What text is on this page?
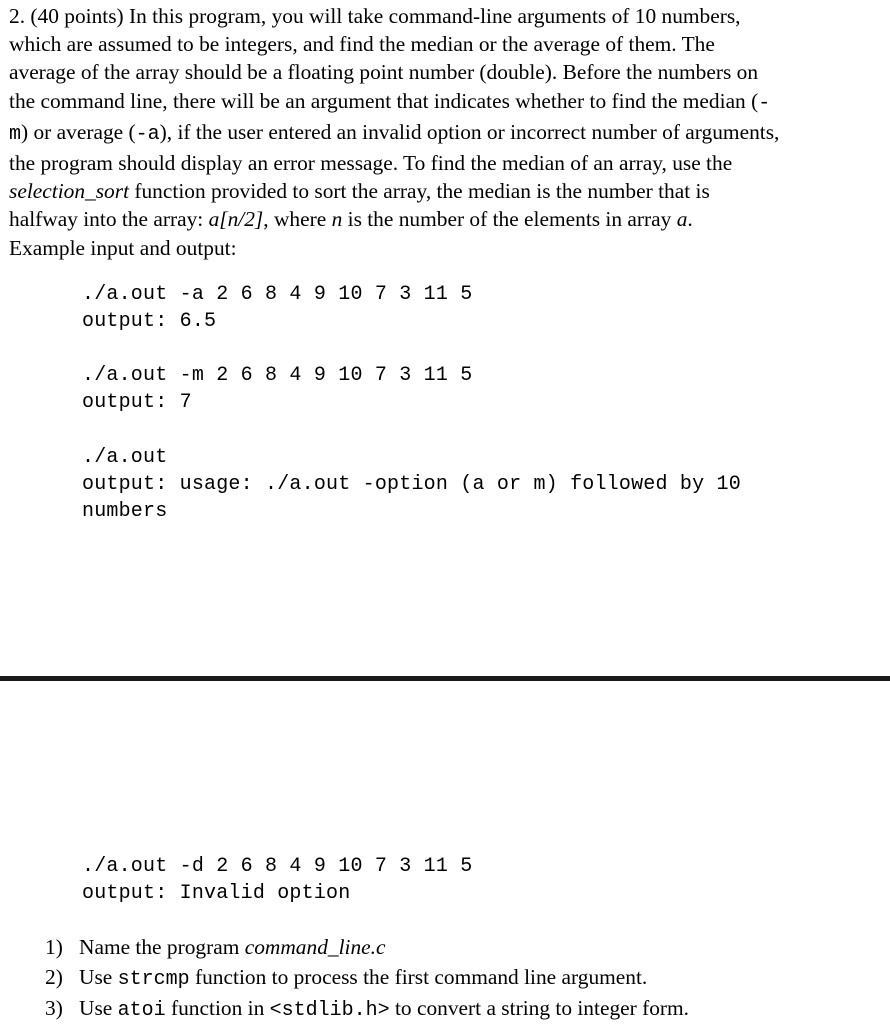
2. (40 points) In this program, you will take command-line arguments of 10 numbers,
which are assumed to be integers, and find the median or the average of them. The
average of the array should be a floating point number (double). Before the numbers on
the command line, there will be an argument that indicates whether to find the median (-
m) or average (-a), if the user entered an invalid option or incorrect number of arguments,
the program should display an error message. To find the median of an array, use the
selection_sort function provided to sort the array, the median is the number that is
halfway into the array: a[n/2], where n is the number of the elements in array a.
Example input and output:
./a.out -a 2 6 8 4 9 10 7 3 11 5
output: 6.5
./a.out -m 2 6 8 4 9 10 7 3 11 5
output: 7
./a.out
output: usage: ./a.out -option (a or m) followed by 10
numbers
./a.out -d 2 6 8 4 9 10 7 3 11 5
output: Invalid option
1) Name the program command_line.c
2) Use strcmp function to process the first command line argument.
3) Use atoi function in <stdlib.h> to convert a string to integer form.
